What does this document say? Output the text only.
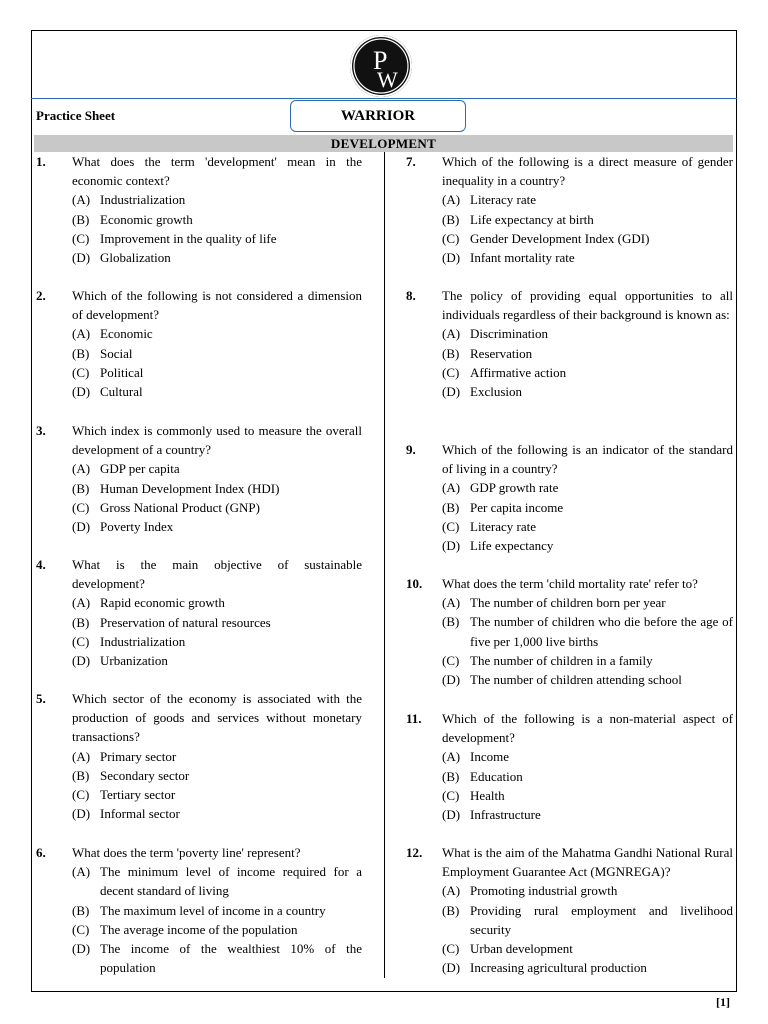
P
W
Practice Sheet	WARRIOR
DEVELOPMENT
1. What does the term 'development' mean in the economic context?
(A) Industrialization
(B) Economic growth
(C) Improvement in the quality of life
(D) Globalization
2. Which of the following is not considered a dimension of development?
(A) Economic
(B) Social
(C) Political
(D) Cultural
3. Which index is commonly used to measure the overall development of a country?
(A) GDP per capita
(B) Human Development Index (HDI)
(C) Gross National Product (GNP)
(D) Poverty Index
4. What is the main objective of sustainable development?
(A) Rapid economic growth
(B) Preservation of natural resources
(C) Industrialization
(D) Urbanization
5. Which sector of the economy is associated with the production of goods and services without monetary transactions?
(A) Primary sector
(B) Secondary sector
(C) Tertiary sector
(D) Informal sector
6. What does the term 'poverty line' represent?
(A) The minimum level of income required for a decent standard of living
(B) The maximum level of income in a country
(C) The average income of the population
(D) The income of the wealthiest 10% of the population
7. Which of the following is a direct measure of gender inequality in a country?
(A) Literacy rate
(B) Life expectancy at birth
(C) Gender Development Index (GDI)
(D) Infant mortality rate
8. The policy of providing equal opportunities to all individuals regardless of their background is known as:
(A) Discrimination
(B) Reservation
(C) Affirmative action
(D) Exclusion
9. Which of the following is an indicator of the standard of living in a country?
(A) GDP growth rate
(B) Per capita income
(C) Literacy rate
(D) Life expectancy
10. What does the term 'child mortality rate' refer to?
(A) The number of children born per year
(B) The number of children who die before the age of five per 1,000 live births
(C) The number of children in a family
(D) The number of children attending school
11. Which of the following is a non-material aspect of development?
(A) Income
(B) Education
(C) Health
(D) Infrastructure
12. What is the aim of the Mahatma Gandhi National Rural Employment Guarantee Act (MGNREGA)?
(A) Promoting industrial growth
(B) Providing rural employment and livelihood security
(C) Urban development
(D) Increasing agricultural production
[1]
